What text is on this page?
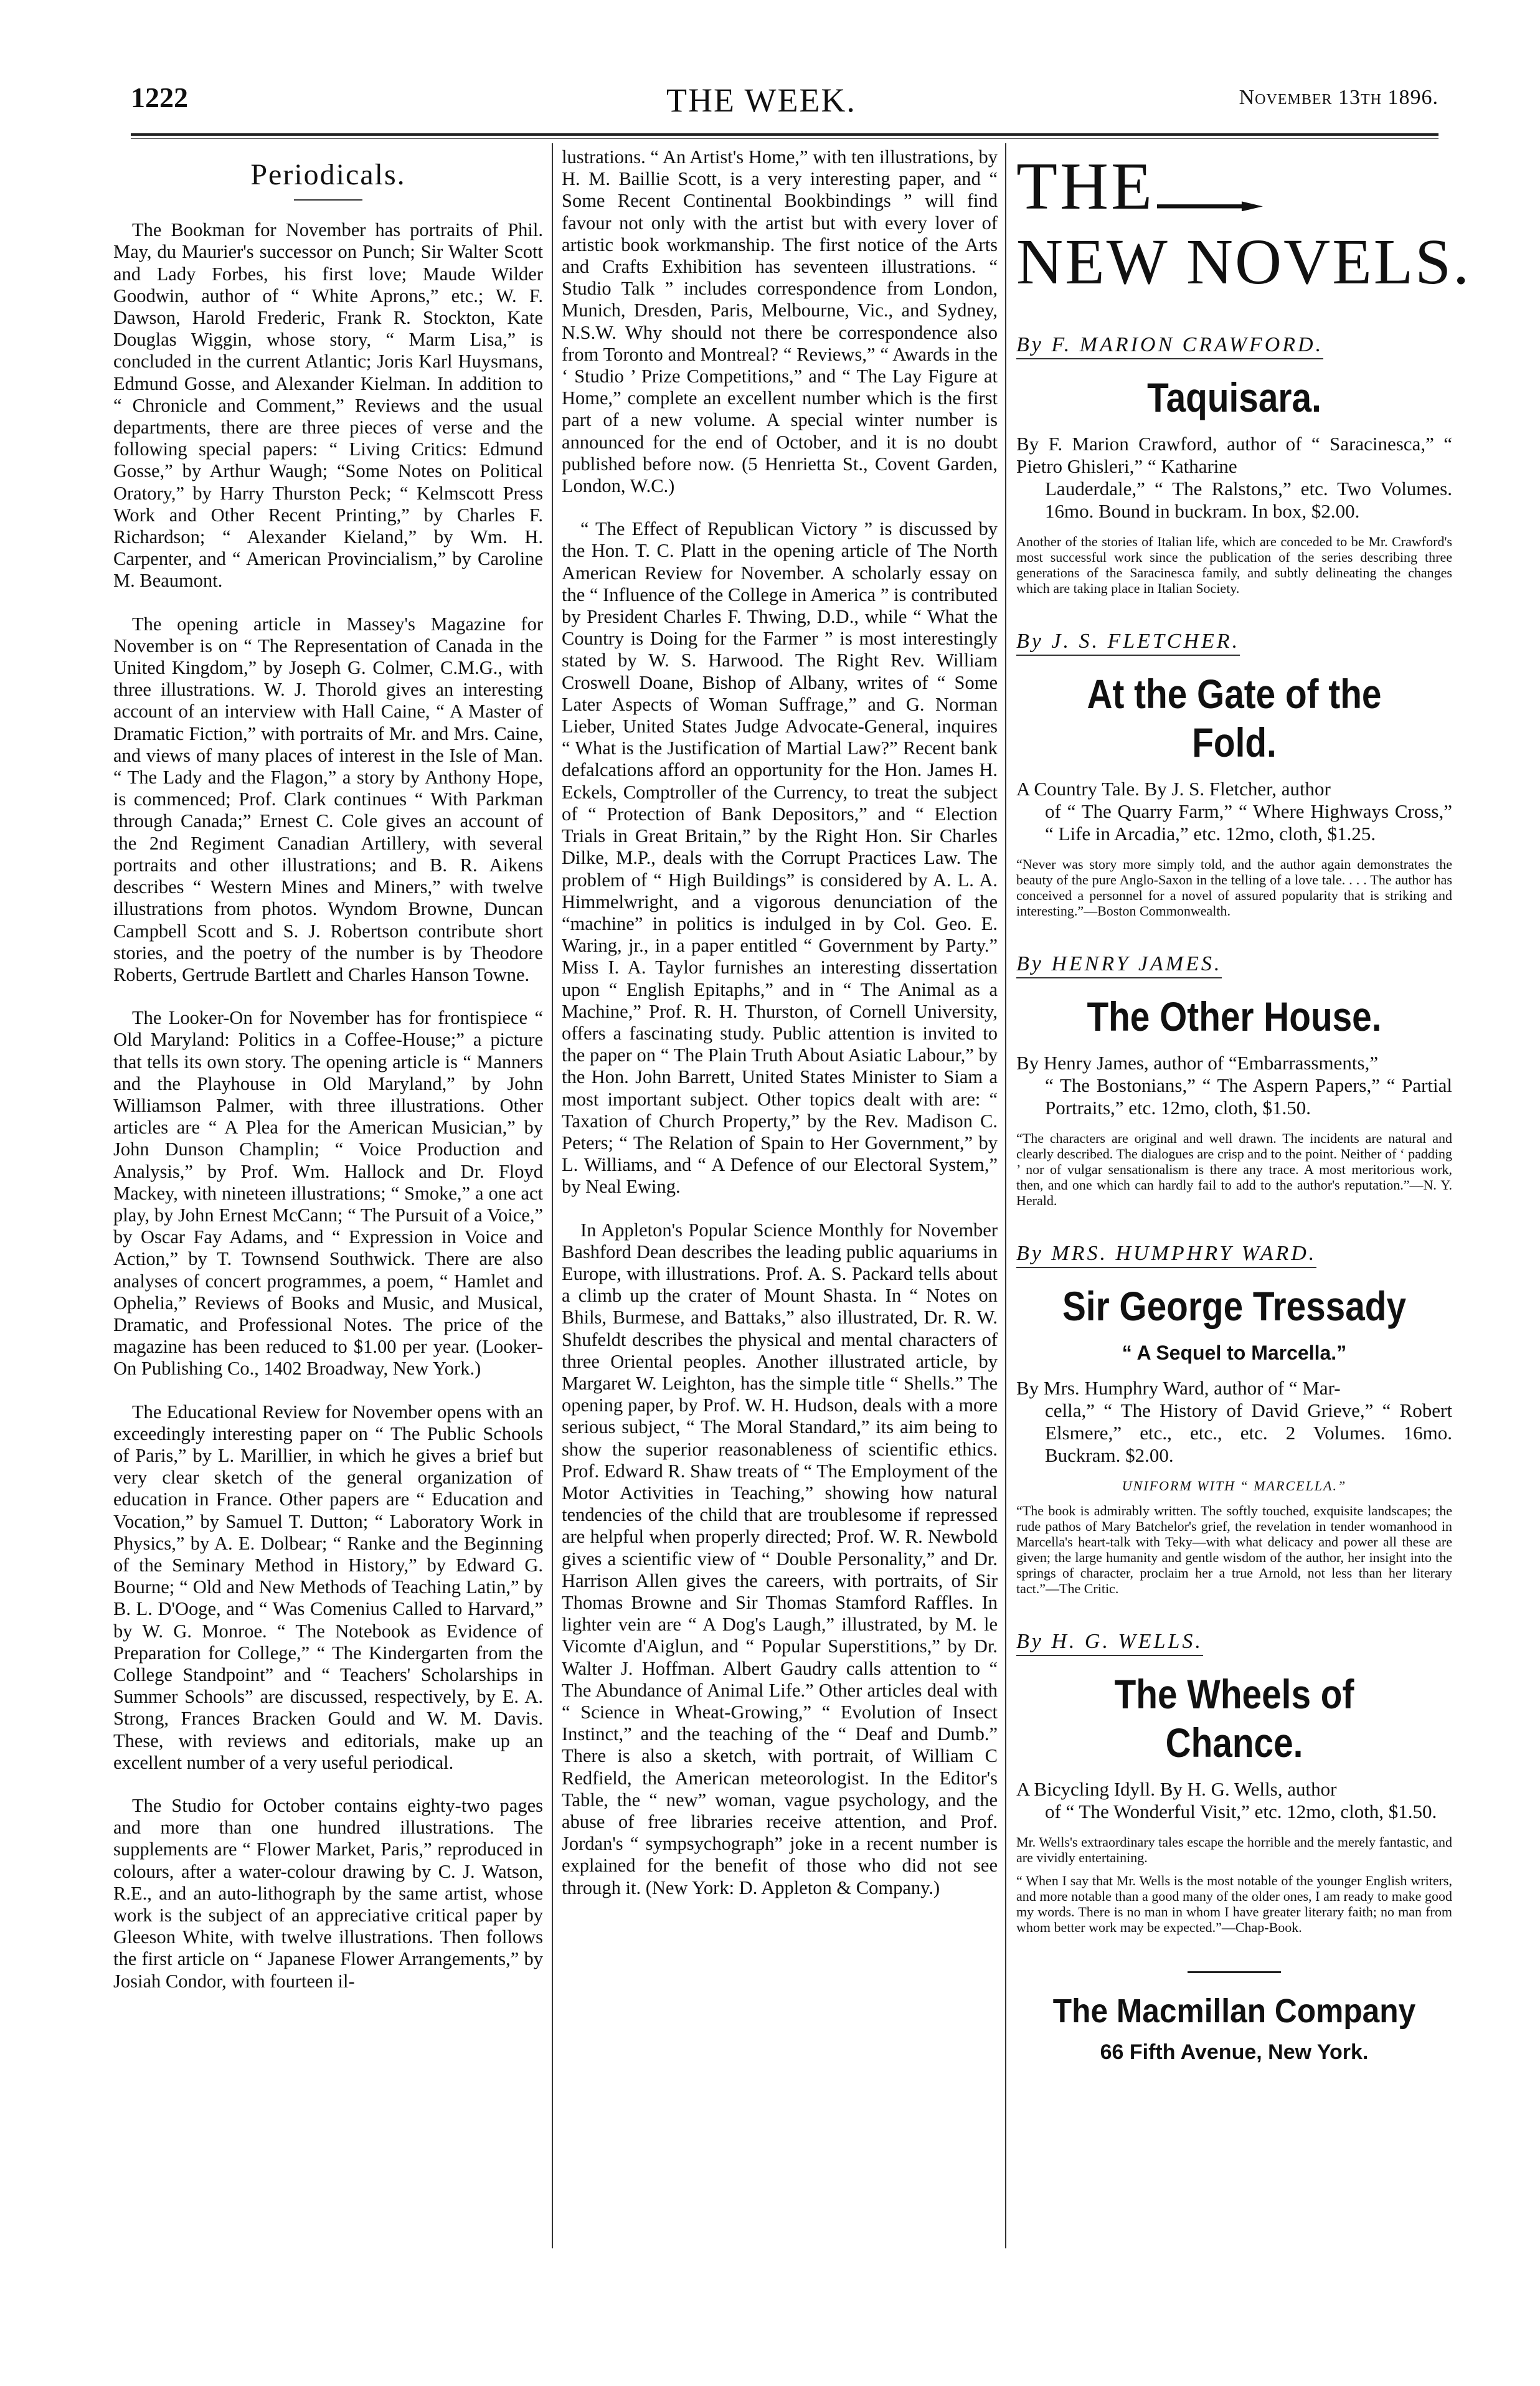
1222	THE WEEK.	November 13th 1896.
Periodicals.

The Bookman for November has portraits of Phil. May, du Maurier's successor on Punch; Sir Walter Scott and Lady Forbes, his first love; Maude Wilder Goodwin, author of “ White Aprons,” etc.; W. F. Dawson, Harold Frederic, Frank R. Stockton, Kate Douglas Wiggin, whose story, “ Marm Lisa,” is concluded in the current Atlantic; Joris Karl Huysmans, Edmund Gosse, and Alexander Kielman. In addition to “ Chronicle and Comment,” Reviews and the usual departments, there are three pieces of verse and the following special papers: “ Living Critics: Edmund Gosse,” by Arthur Waugh; “Some Notes on Political Oratory,” by Harry Thurston Peck; “ Kelmscott Press Work and Other Recent Printing,” by Charles F. Richardson; “ Alexander Kieland,” by Wm. H. Carpenter, and “ American Provincialism,” by Caroline M. Beaumont.

The opening article in Massey's Magazine for November is on “ The Representation of Canada in the United Kingdom,” by Joseph G. Colmer, C.M.G., with three illustrations. W. J. Thorold gives an interesting account of an interview with Hall Caine, “ A Master of Dramatic Fiction,” with portraits of Mr. and Mrs. Caine, and views of many places of interest in the Isle of Man. “ The Lady and the Flagon,” a story by Anthony Hope, is commenced; Prof. Clark continues “ With Parkman through Canada;” Ernest C. Cole gives an account of the 2nd Regiment Canadian Artillery, with several portraits and other illustrations; and B. R. Aikens describes “ Western Mines and Miners,” with twelve illustrations from photos. Wyndom Browne, Duncan Campbell Scott and S. J. Robertson contribute short stories, and the poetry of the number is by Theodore Roberts, Gertrude Bartlett and Charles Hanson Towne.

The Looker-On for November has for frontispiece “ Old Maryland: Politics in a Coffee-House;” a picture that tells its own story. The opening article is “ Manners and the Playhouse in Old Maryland,” by John Williamson Palmer, with three illustrations. Other articles are “ A Plea for the American Musician,” by John Dunson Champlin; “ Voice Production and Analysis,” by Prof. Wm. Hallock and Dr. Floyd Mackey, with nineteen illustrations; “ Smoke,” a one act play, by John Ernest McCann; “ The Pursuit of a Voice,” by Oscar Fay Adams, and “ Expression in Voice and Action,” by T. Townsend Southwick. There are also analyses of concert programmes, a poem, “ Hamlet and Ophelia,” Reviews of Books and Music, and Musical, Dramatic, and Professional Notes. The price of the magazine has been reduced to $1.00 per year. (Looker-On Publishing Co., 1402 Broadway, New York.)

The Educational Review for November opens with an exceedingly interesting paper on “ The Public Schools of Paris,” by L. Marillier, in which he gives a brief but very clear sketch of the general organization of education in France. Other papers are “ Education and Vocation,” by Samuel T. Dutton; “ Laboratory Work in Physics,” by A. E. Dolbear; “ Ranke and the Beginning of the Seminary Method in History,” by Edward G. Bourne; “ Old and New Methods of Teaching Latin,” by B. L. D'Ooge, and “ Was Comenius Called to Harvard,” by W. G. Monroe. “ The Notebook as Evidence of Preparation for College,” “ The Kindergarten from the College Standpoint” and “ Teachers' Scholarships in Summer Schools” are discussed, respectively, by E. A. Strong, Frances Bracken Gould and W. M. Davis. These, with reviews and editorials, make up an excellent number of a very useful periodical.

The Studio for October contains eighty-two pages and more than one hundred illustrations. The supplements are “ Flower Market, Paris,” reproduced in colours, after a water-colour drawing by C. J. Watson, R.E., and an auto-lithograph by the same artist, whose work is the subject of an appreciative critical paper by Gleeson White, with twelve illustrations. Then follows the first article on “ Japanese Flower Arrangements,” by Josiah Condor, with fourteen il-

lustrations. “ An Artist's Home,” with ten illustrations, by H. M. Baillie Scott, is a very interesting paper, and “ Some Recent Continental Bookbindings ” will find favour not only with the artist but with every lover of artistic book workmanship. The first notice of the Arts and Crafts Exhibition has seventeen illustrations. “ Studio Talk ” includes correspondence from London, Munich, Dresden, Paris, Melbourne, Vic., and Sydney, N.S.W. Why should not there be correspondence also from Toronto and Montreal? “ Reviews,” “ Awards in the ‘ Studio ’ Prize Competitions,” and “ The Lay Figure at Home,” complete an excellent number which is the first part of a new volume. A special winter number is announced for the end of October, and it is no doubt published before now. (5 Henrietta St., Covent Garden, London, W.C.)

“ The Effect of Republican Victory ” is discussed by the Hon. T. C. Platt in the opening article of The North American Review for November. A scholarly essay on the “ Influence of the College in America ” is contributed by President Charles F. Thwing, D.D., while “ What the Country is Doing for the Farmer ” is most interestingly stated by W. S. Harwood. The Right Rev. William Croswell Doane, Bishop of Albany, writes of “ Some Later Aspects of Woman Suffrage,” and G. Norman Lieber, United States Judge Advocate-General, inquires “ What is the Justification of Martial Law?” Recent bank defalcations afford an opportunity for the Hon. James H. Eckels, Comptroller of the Currency, to treat the subject of “ Protection of Bank Depositors,” and “ Election Trials in Great Britain,” by the Right Hon. Sir Charles Dilke, M.P., deals with the Corrupt Practices Law. The problem of “ High Buildings” is considered by A. L. A. Himmelwright, and a vigorous denunciation of the “machine” in politics is indulged in by Col. Geo. E. Waring, jr., in a paper entitled “ Government by Party.” Miss I. A. Taylor furnishes an interesting dissertation upon “ English Epitaphs,” and in “ The Animal as a Machine,” Prof. R. H. Thurston, of Cornell University, offers a fascinating study. Public attention is invited to the paper on “ The Plain Truth About Asiatic Labour,” by the Hon. John Barrett, United States Minister to Siam a most important subject. Other topics dealt with are: “ Taxation of Church Property,” by the Rev. Madison C. Peters; “ The Relation of Spain to Her Government,” by L. Williams, and “ A Defence of our Electoral System,” by Neal Ewing.

In Appleton's Popular Science Monthly for November Bashford Dean describes the leading public aquariums in Europe, with illustrations. Prof. A. S. Packard tells about a climb up the crater of Mount Shasta. In “ Notes on Bhils, Burmese, and Battaks,” also illustrated, Dr. R. W. Shufeldt describes the physical and mental characters of three Oriental peoples. Another illustrated article, by Margaret W. Leighton, has the simple title “ Shells.” The opening paper, by Prof. W. H. Hudson, deals with a more serious subject, “ The Moral Standard,” its aim being to show the superior reasonableness of scientific ethics. Prof. Edward R. Shaw treats of “ The Employment of the Motor Activities in Teaching,” showing how natural tendencies of the child that are troublesome if repressed are helpful when properly directed; Prof. W. R. Newbold gives a scientific view of “ Double Personality,” and Dr. Harrison Allen gives the careers, with portraits, of Sir Thomas Browne and Sir Thomas Stamford Raffles. In lighter vein are “ A Dog's Laugh,” illustrated, by M. le Vicomte d'Aiglun, and “ Popular Superstitions,” by Dr. Walter J. Hoffman. Albert Gaudry calls attention to “ The Abundance of Animal Life.” Other articles deal with “ Science in Wheat-Growing,” “ Evolution of Insect Instinct,” and the teaching of the “ Deaf and Dumb.” There is also a sketch, with portrait, of William C Redfield, the American meteorologist. In the Editor's Table, the “ new” woman, vague psychology, and the abuse of free libraries receive attention, and Prof. Jordan's “ sympsychograph” joke in a recent number is explained for the benefit of those who did not see through it. (New York: D. Appleton & Company.)

THE
NEW NOVELS.
By F. MARION CRAWFORD.
Taquisara.
By F. Marion Crawford, author of “ Saracinesca,” “ Pietro Ghisleri,” “ Katharine
Lauderdale,” “ The Ralstons,” etc. Two Volumes. 16mo. Bound in buckram. In box, $2.00.

Another of the stories of Italian life, which are conceded to be Mr. Crawford's most successful work since the publication of the series describing three generations of the Saracinesca family, and subtly delineating the changes which are taking place in Italian Society.

By J. S. FLETCHER.
At the Gate of the Fold.
A Country Tale. By J. S. Fletcher, author
of “ The Quarry Farm,” “ Where Highways Cross,” “ Life in Arcadia,” etc. 12mo, cloth, $1.25.

“Never was story more simply told, and the author again demonstrates the beauty of the pure Anglo-Saxon in the telling of a love tale. . . . The author has conceived a personnel for a novel of assured popularity that is striking and interesting.”—Boston Commonwealth.

By HENRY JAMES.
The Other House.
By Henry James, author of “Embarrassments,”
“ The Bostonians,” “ The Aspern Papers,” “ Partial Portraits,” etc. 12mo, cloth, $1.50.

“The characters are original and well drawn. The incidents are natural and clearly described. The dialogues are crisp and to the point. Neither of ‘ padding ’ nor of vulgar sensationalism is there any trace. A most meritorious work, then, and one which can hardly fail to add to the author's reputation.”—N. Y. Herald.

By MRS. HUMPHRY WARD.
Sir George Tressady
“ A Sequel to Marcella.”
By Mrs. Humphry Ward, author of “ Mar-
cella,” “ The History of David Grieve,” “ Robert Elsmere,” etc., etc., etc. 2 Volumes. 16mo. Buckram. $2.00.
UNIFORM WITH “ MARCELLA.”

“The book is admirably written. The softly touched, exquisite landscapes; the rude pathos of Mary Batchelor's grief, the revelation in tender womanhood in Marcella's heart-talk with Teky—with what delicacy and power all these are given; the large humanity and gentle wisdom of the author, her insight into the springs of character, proclaim her a true Arnold, not less than her literary tact.”—The Critic.

By H. G. WELLS.
The Wheels of Chance.
A Bicycling Idyll. By H. G. Wells, author
of “ The Wonderful Visit,” etc. 12mo, cloth, $1.50.

Mr. Wells's extraordinary tales escape the horrible and the merely fantastic, and are vividly entertaining.

“ When I say that Mr. Wells is the most notable of the younger English writers, and more notable than a good many of the older ones, I am ready to make good my words. There is no man in whom I have greater literary faith; no man from whom better work may be expected.”—Chap-Book.

The Macmillan Company
66 Fifth Avenue, New York.
